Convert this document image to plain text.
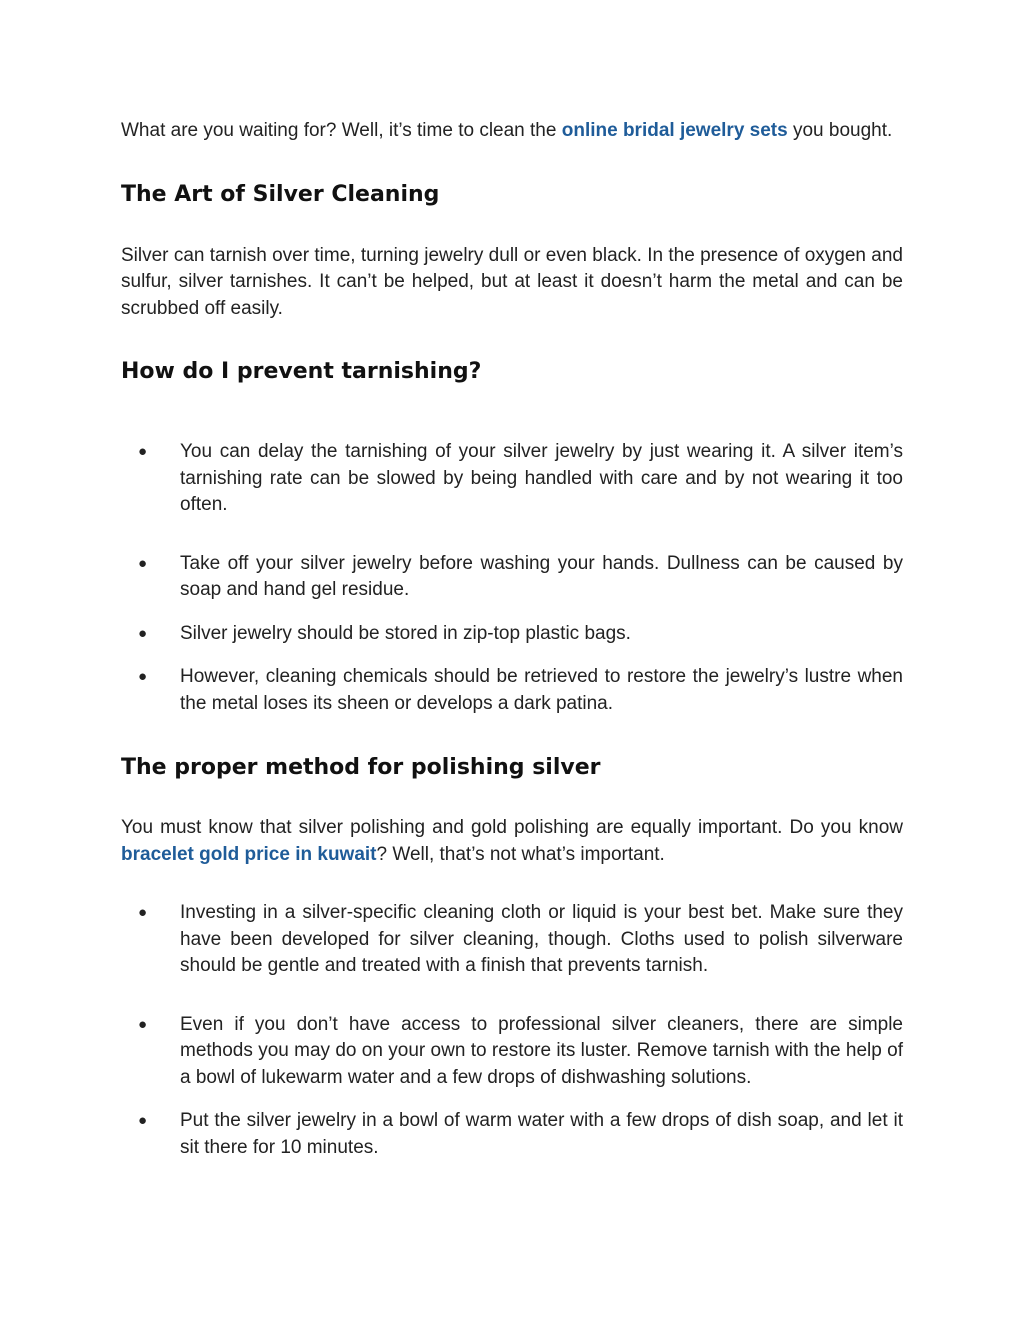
What are you waiting for? Well, it’s time to clean the online bridal jewelry sets you bought.

The Art of Silver Cleaning

Silver can tarnish over time, turning jewelry dull or even black. In the presence of oxygen and sulfur, silver tarnishes. It can’t be helped, but at least it doesn’t harm the metal and can be scrubbed off easily.

How do I prevent tarnishing?
● You can delay the tarnishing of your silver jewelry by just wearing it. A silver item’s tarnishing rate can be slowed by being handled with care and by not wearing it too often.
● Take off your silver jewelry before washing your hands. Dullness can be caused by soap and hand gel residue.
● Silver jewelry should be stored in zip-top plastic bags.
● However, cleaning chemicals should be retrieved to restore the jewelry’s lustre when the metal loses its sheen or develops a dark patina.
The proper method for polishing silver

You must know that silver polishing and gold polishing are equally important. Do you know bracelet gold price in kuwait? Well, that’s not what’s important.

● Investing in a silver-specific cleaning cloth or liquid is your best bet. Make sure they have been developed for silver cleaning, though. Cloths used to polish silverware should be gentle and treated with a finish that prevents tarnish.
● Even if you don’t have access to professional silver cleaners, there are simple methods you may do on your own to restore its luster. Remove tarnish with the help of a bowl of lukewarm water and a few drops of dishwashing solutions.
● Put the silver jewelry in a bowl of warm water with a few drops of dish soap, and let it sit there for 10 minutes.
